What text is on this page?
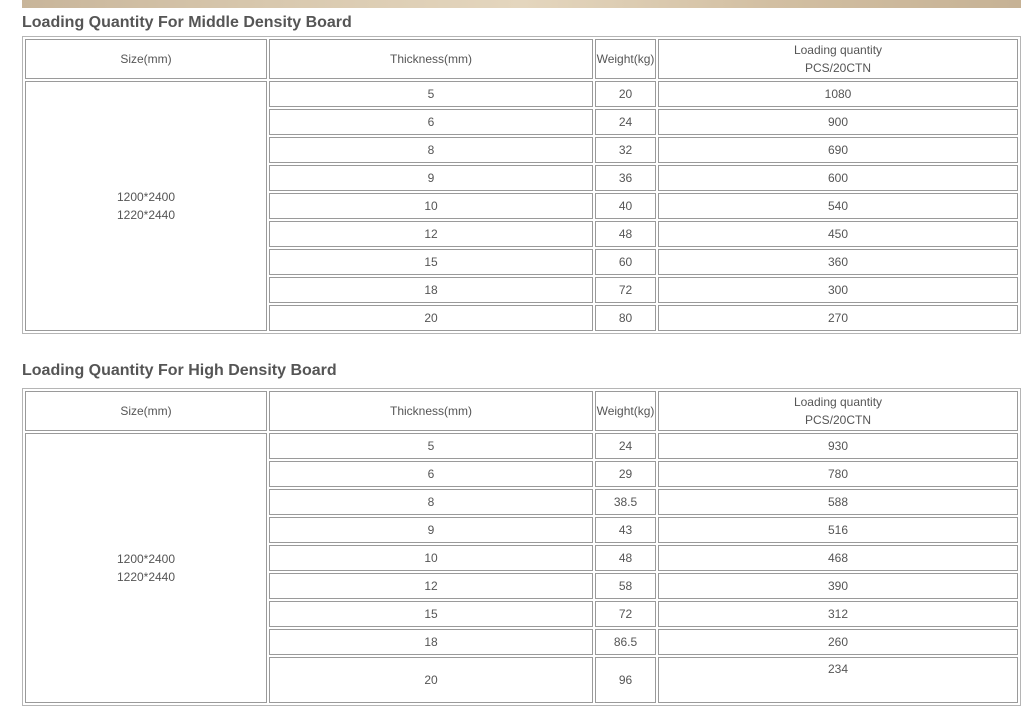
Loading Quantity For Middle Density Board
Size(mm)	Thickness(mm)	Weight(kg)	Loading quantity
PCS/20CTN

1200*2400
1220*2440	5	20	1080
	6	24	900
	8	32	690
	9	36	600
	10	40	540
	12	48	450
	15	60	360
	18	72	300
	20	80	270
Loading Quantity For High Density Board
Size(mm)	Thickness(mm)	Weight(kg)	Loading quantity
PCS/20CTN

1200*2400
1220*2440	5	24	930
	6	29	780
	8	38.5	588
	9	43	516
	10	48	468
	12	58	390
	15	72	312
	18	86.5	260
	20	96	234
